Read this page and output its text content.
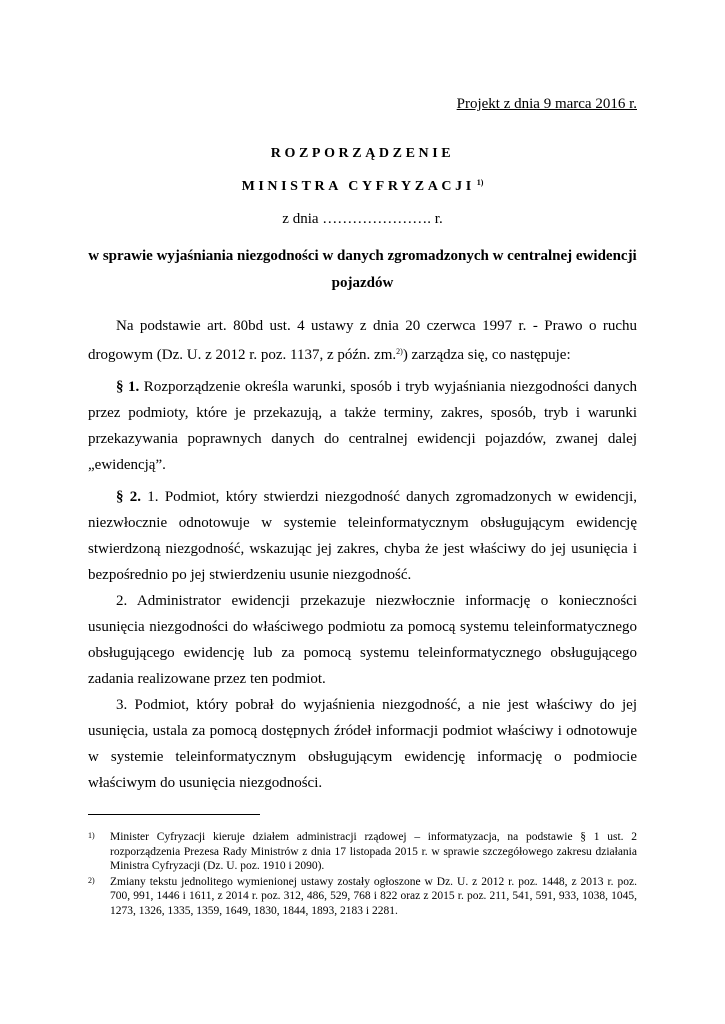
Projekt z dnia 9 marca 2016 r.
ROZPORZĄDZENIE
MINISTRA CYFRYZACJI $^{1)}$
z dnia …………………. r.
w sprawie wyjaśniania niezgodności w danych zgromadzonych w centralnej ewidencji pojazdów

Na podstawie art. 80bd ust. 4 ustawy z dnia 20 czerwca 1997 r. - Prawo o ruchu drogowym (Dz. U. z 2012 r. poz. 1137, z późn. zm.$^{2)}$) zarządza się, co następuje:

§ 1. Rozporządzenie określa warunki, sposób i tryb wyjaśniania niezgodności danych przez podmioty, które je przekazują, a także terminy, zakres, sposób, tryb i warunki przekazywania poprawnych danych do centralnej ewidencji pojazdów, zwanej dalej „ewidencją”.

§ 2. 1. Podmiot, który stwierdzi niezgodność danych zgromadzonych w ewidencji, niezwłocznie odnotowuje w systemie teleinformatycznym obsługującym ewidencję stwierdzoną niezgodność, wskazując jej zakres, chyba że jest właściwy do jej usunięcia i bezpośrednio po jej stwierdzeniu usunie niezgodność.

2. Administrator ewidencji przekazuje niezwłocznie informację o konieczności usunięcia niezgodności do właściwego podmiotu za pomocą systemu teleinformatycznego obsługującego ewidencję lub za pomocą systemu teleinformatycznego obsługującego zadania realizowane przez ten podmiot.

3. Podmiot, który pobrał do wyjaśnienia niezgodność, a nie jest właściwy do jej usunięcia, ustala za pomocą dostępnych źródeł informacji podmiot właściwy i odnotowuje w systemie teleinformatycznym obsługującym ewidencję informację o podmiocie właściwym do usunięcia niezgodności.

1)	Minister Cyfryzacji kieruje działem administracji rządowej – informatyzacja, na podstawie § 1 ust. 2 rozporządzenia Prezesa Rady Ministrów z dnia 17 listopada 2015 r. w sprawie szczegółowego zakresu działania Ministra Cyfryzacji (Dz. U. poz. 1910 i 2090).
2)	Zmiany tekstu jednolitego wymienionej ustawy zostały ogłoszone w Dz. U. z 2012 r. poz. 1448, z 2013 r. poz. 700, 991, 1446 i 1611, z 2014 r. poz. 312, 486, 529, 768 i 822 oraz z 2015 r. poz. 211, 541, 591, 933, 1038, 1045, 1273, 1326, 1335, 1359, 1649, 1830, 1844, 1893, 2183 i 2281.
